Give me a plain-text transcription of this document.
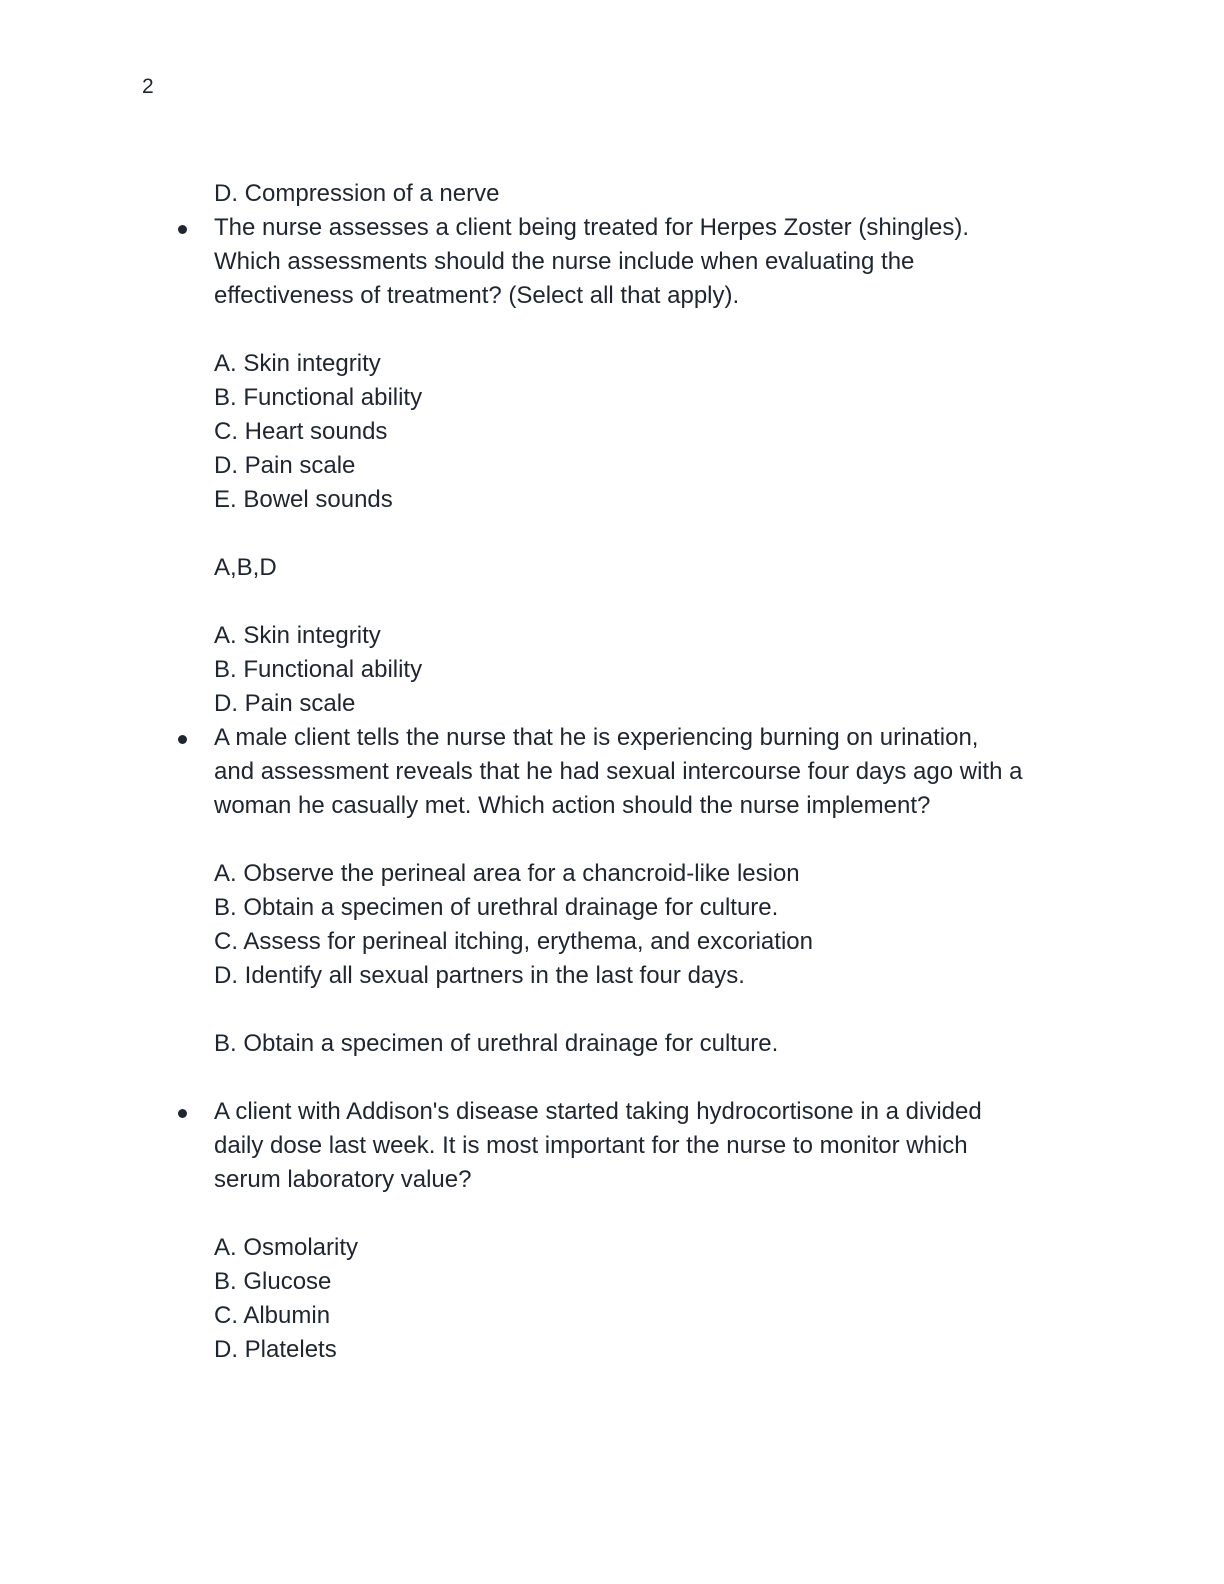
2
D. Compression of a nerve
The nurse assesses a client being treated for Herpes Zoster (shingles).
Which assessments should the nurse include when evaluating the
effectiveness of treatment? (Select all that apply).
A. Skin integrity
B. Functional ability
C. Heart sounds
D. Pain scale
E. Bowel sounds
A,B,D
A. Skin integrity
B. Functional ability
D. Pain scale
A male client tells the nurse that he is experiencing burning on urination,
and assessment reveals that he had sexual intercourse four days ago with a
woman he casually met. Which action should the nurse implement?
A. Observe the perineal area for a chancroid-like lesion
B. Obtain a specimen of urethral drainage for culture.
C. Assess for perineal itching, erythema, and excoriation
D. Identify all sexual partners in the last four days.
B. Obtain a specimen of urethral drainage for culture.
A client with Addison's disease started taking hydrocortisone in a divided
daily dose last week. It is most important for the nurse to monitor which
serum laboratory value?
A. Osmolarity
B. Glucose
C. Albumin
D. Platelets
